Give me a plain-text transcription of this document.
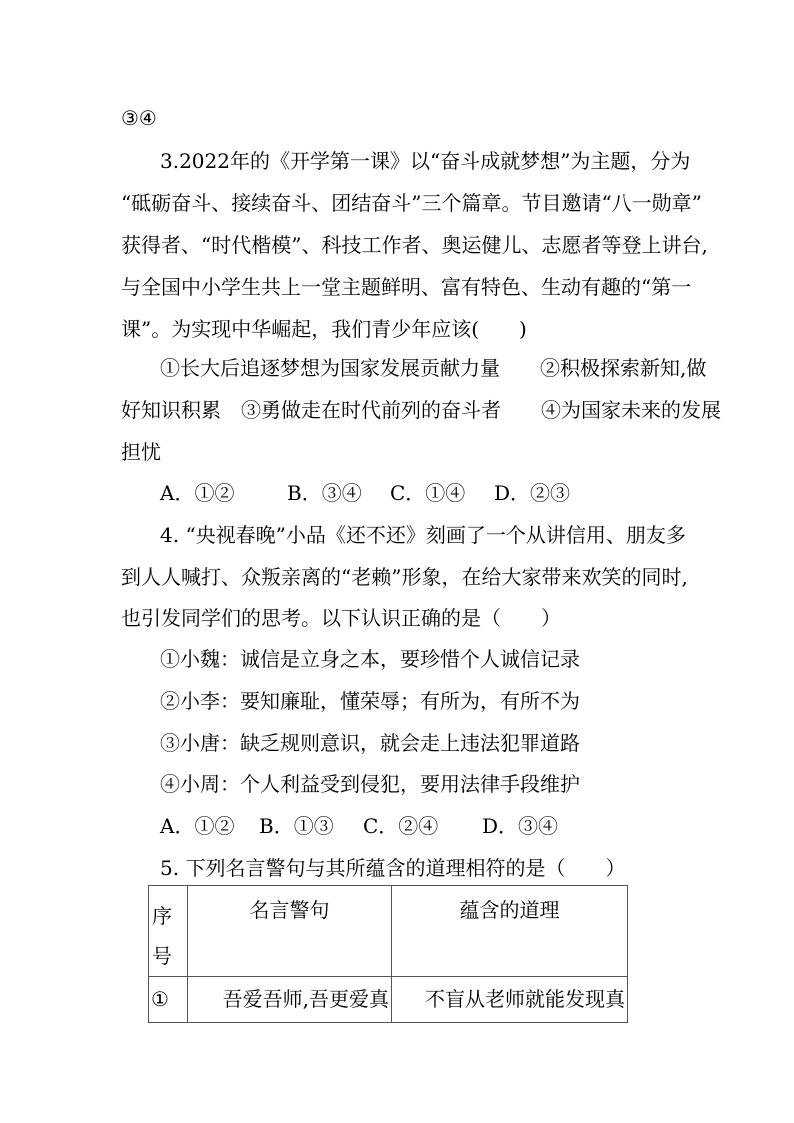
③④
3.2022年的《开学第一课》以“奋斗成就梦想”为主题，分为
“砥砺奋斗、接续奋斗、团结奋斗”三个篇章。节目邀请“八一勋章”
获得者、“时代楷模”、科技工作者、奥运健儿、志愿者等登上讲台,
与全国中小学生共上一堂主题鲜明、富有特色、生动有趣的“第一
课”。为实现中华崛起，我们青少年应该(　　)
①长大后追逐梦想为国家发展贡献力量　　②积极探索新知,做
好知识积累　③勇做走在时代前列的奋斗者　　④为国家未来的发展
担忧

A．①②

	B．③④

C．①④

D．②③

4. “央视春晚”小品《还不还》刻画了一个从讲信用、朋友多
到人人喊打、众叛亲离的“老赖”形象，在给大家带来欢笑的同时,
也引发同学们的思考。以下认识正确的是（　　）
①小魏：诚信是立身之本，要珍惜个人诚信记录
②小李：要知廉耻，懂荣辱；有所为，有所不为
③小唐：缺乏规则意识，就会走上违法犯罪道路
④小周：个人利益受到侵犯，要用法律手段维护

A．①②

B．①③

C．②④

D．③④

5. 下列名言警句与其所蕴含的道理相符的是（　　）
序号	名言警句	蕴含的道理

①	吾爱吾师,吾更爱真	不盲从老师就能发现真
